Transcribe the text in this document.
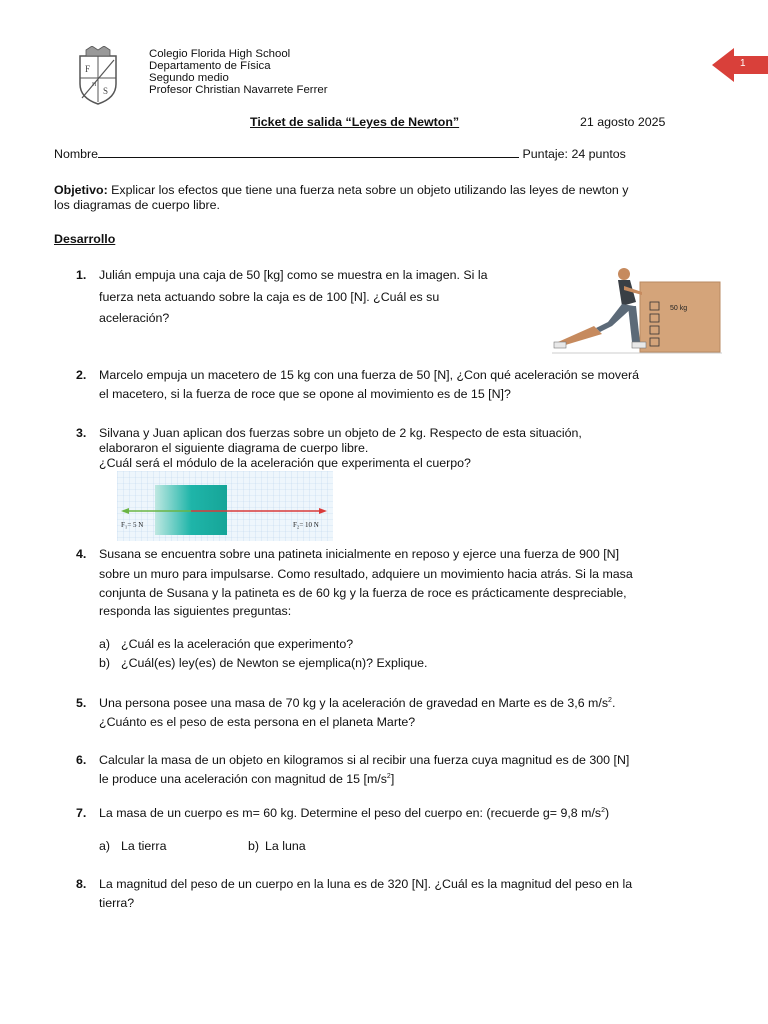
F
S
H
Colegio Florida High School
Departamento de Física
Segundo medio
Profesor Christian Navarrete Ferrer
1
Ticket de salida “Leyes de Newton”	21 agosto 2025
Nombre	Puntaje: 24 puntos
Objetivo: Explicar los efectos que tiene una fuerza neta sobre un objeto utilizando las leyes de newton y
los diagramas de cuerpo libre.
Desarrollo
1. Julián empuja una caja de 50 [kg] como se muestra en la imagen. Si la
fuerza neta actuando sobre la caja es de 100 [N]. ¿Cuál es su
aceleración?
50 kg
2. Marcelo empuja un macetero de 15 kg con una fuerza de 50 [N], ¿Con qué aceleración se moverá
el macetero, si la fuerza de roce que se opone al movimiento es de 15 [N]?
3. Silvana y Juan aplican dos fuerzas sobre un objeto de 2 kg. Respecto de esta situación,
elaboraron el siguiente diagrama de cuerpo libre.
¿Cuál será el módulo de la aceleración que experimenta el cuerpo?
F₁= 5 N	F₂= 10 N
4. Susana se encuentra sobre una patineta inicialmente en reposo y ejerce una fuerza de 900 [N]
sobre un muro para impulsarse. Como resultado, adquiere un movimiento hacia atrás. Si la masa
conjunta de Susana y la patineta es de 60 kg y la fuerza de roce es prácticamente despreciable,
responda las siguientes preguntas:
a) ¿Cuál es la aceleración que experimento?
b) ¿Cuál(es) ley(es) de Newton se ejemplica(n)? Explique.
5. Una persona posee una masa de 70 kg y la aceleración de gravedad en Marte es de 3,6 $m/s^2$.
¿Cuánto es el peso de esta persona en el planeta Marte?
6. Calcular la masa de un objeto en kilogramos si al recibir una fuerza cuya magnitud es de 300 [N]
le produce una aceleración con magnitud de 15 $[m/s^2]$
7. La masa de un cuerpo es m= 60 kg. Determine el peso del cuerpo en: (recuerde g= 9,8 $m/s^2$)
a) La tierra	b) La luna
8. La magnitud del peso de un cuerpo en la luna es de 320 [N]. ¿Cuál es la magnitud del peso en la
tierra?
